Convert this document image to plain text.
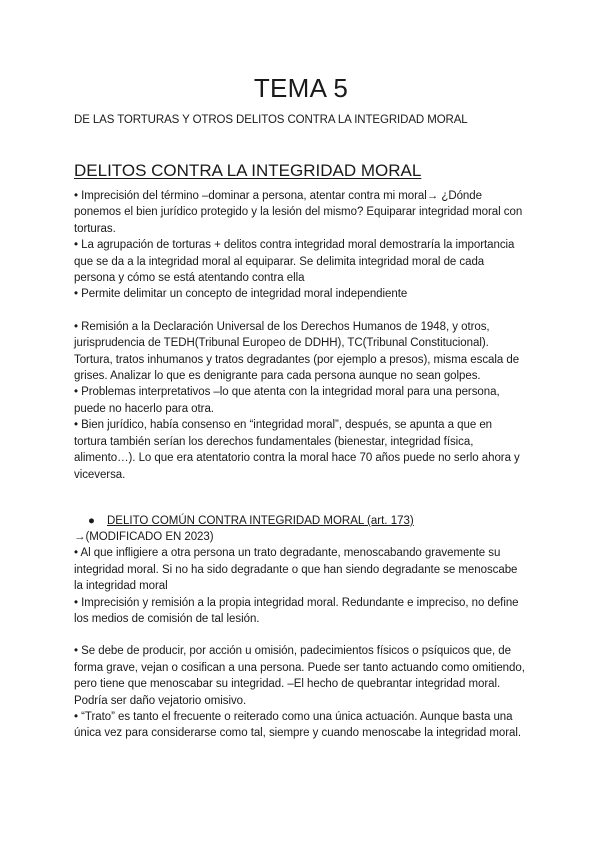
TEMA 5

DE LAS TORTURAS Y OTROS DELITOS CONTRA LA INTEGRIDAD MORAL

DELITOS CONTRA LA INTEGRIDAD MORAL

• Imprecisión del término –dominar a persona, atentar contra mi moral→ ¿Dónde ponemos el bien jurídico protegido y la lesión del mismo? Equiparar integridad moral con torturas.

• La agrupación de torturas + delitos contra integridad moral demostraría la importancia que se da a la integridad moral al equiparar. Se delimita integridad moral de cada persona y cómo se está atentando contra ella

• Permite delimitar un concepto de integridad moral independiente

• Remisión a la Declaración Universal de los Derechos Humanos de 1948, y otros, jurisprudencia de TEDH(Tribunal Europeo de DDHH), TC(Tribunal Constitucional). Tortura, tratos inhumanos y tratos degradantes (por ejemplo a presos), misma escala de grises. Analizar lo que es denigrante para cada persona aunque no sean golpes.

• Problemas interpretativos –lo que atenta con la integridad moral para una persona, puede no hacerlo para otra.

• Bien jurídico, había consenso en “integridad moral”, después, se apunta a que en tortura también serían los derechos fundamentales (bienestar, integridad física, alimento…). Lo que era atentatorio contra la moral hace 70 años puede no serlo ahora y viceversa.

● DELITO COMÚN CONTRA INTEGRIDAD MORAL (art. 173)

→(MODIFICADO EN 2023)

• Al que infligiere a otra persona un trato degradante, menoscabando gravemente su integridad moral. Si no ha sido degradante o que han siendo degradante se menoscabe la integridad moral

• Imprecisión y remisión a la propia integridad moral. Redundante e impreciso, no define los medios de comisión de tal lesión.

• Se debe de producir, por acción u omisión, padecimientos físicos o psíquicos que, de forma grave, vejan o cosifican a una persona. Puede ser tanto actuando como omitiendo, pero tiene que menoscabar su integridad. –El hecho de quebrantar integridad moral. Podría ser daño vejatorio omisivo.

• “Trato” es tanto el frecuente o reiterado como una única actuación. Aunque basta una única vez para considerarse como tal, siempre y cuando menoscabe la integridad moral.
